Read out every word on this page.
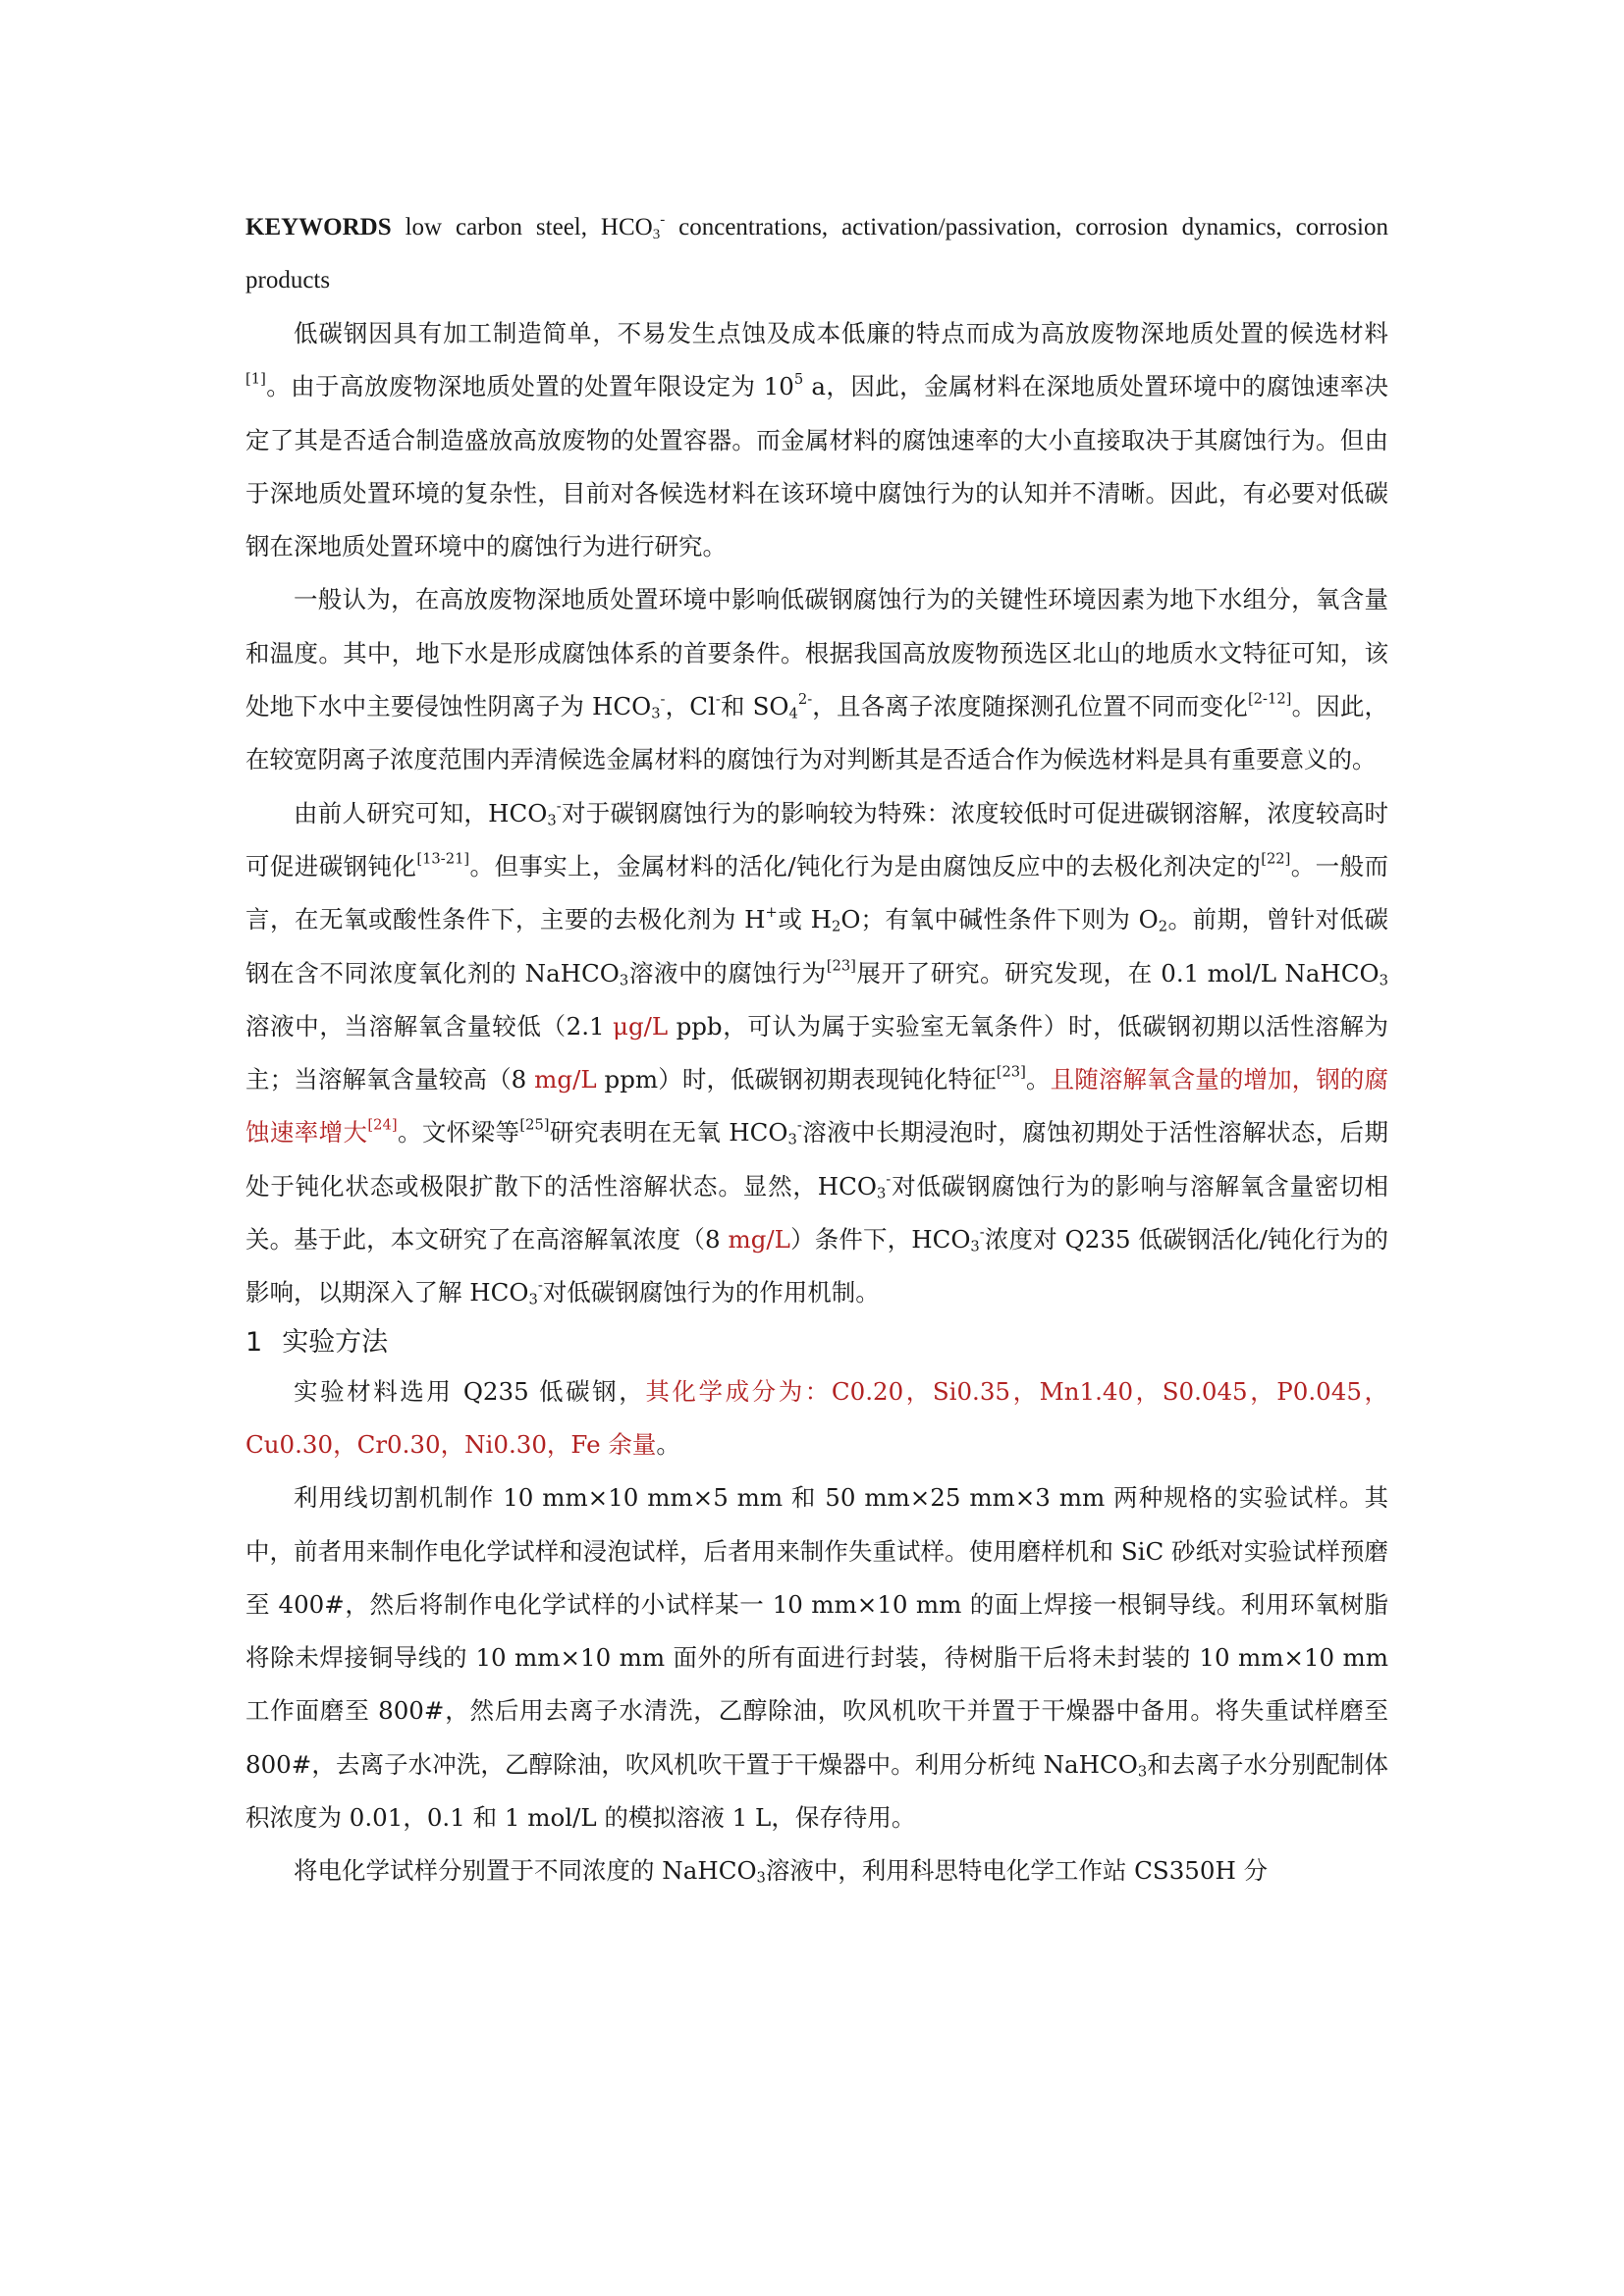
KEYWORDS low carbon steel, $HCO_3^-$ concentrations, activation/passivation, corrosion dynamics, corrosion products

低碳钢因具有加工制造简单，不易发生点蚀及成本低廉的特点而成为高放废物深地质处置的候选材料[1]。由于高放废物深地质处置的处置年限设定为 $10^5$ a，因此，金属材料在深地质处置环境中的腐蚀速率决定了其是否适合制造盛放高放废物的处置容器。而金属材料的腐蚀速率的大小直接取决于其腐蚀行为。但由于深地质处置环境的复杂性，目前对各候选材料在该环境中腐蚀行为的认知并不清晰。因此，有必要对低碳钢在深地质处置环境中的腐蚀行为进行研究。

一般认为，在高放废物深地质处置环境中影响低碳钢腐蚀行为的关键性环境因素为地下水组分，氧含量和温度。其中，地下水是形成腐蚀体系的首要条件。根据我国高放废物预选区北山的地质水文特征可知，该处地下水中主要侵蚀性阴离子为 $HCO_3^-$，Cl-和 $SO_4^{2-}$，且各离子浓度随探测孔位置不同而变化[2-12]。因此，在较宽阴离子浓度范围内弄清候选金属材料的腐蚀行为对判断其是否适合作为候选材料是具有重要意义的。

由前人研究可知，$HCO_3^-$对于碳钢腐蚀行为的影响较为特殊：浓度较低时可促进碳钢溶解，浓度较高时可促进碳钢钝化[13-21]。但事实上，金属材料的活化/钝化行为是由腐蚀反应中的去极化剂决定的[22]。一般而言，在无氧或酸性条件下，主要的去极化剂为 H+或 $H_2O$；有氧中碱性条件下则为 $O_2$。前期，曾针对低碳钢在含不同浓度氧化剂的 NaHCO$_3$溶液中的腐蚀行为[23]展开了研究。研究发现，在 0.1 mol/L NaHCO$_3$溶液中，当溶解氧含量较低（2.1 μg/L ppb，可认为属于实验室无氧条件）时，低碳钢初期以活性溶解为主；当溶解氧含量较高（8 mg/L ppm）时，低碳钢初期表现钝化特征[23]。且随溶解氧含量的增加，钢的腐蚀速率增大[24]。文怀梁等[25]研究表明在无氧 $HCO_3^-$溶液中长期浸泡时，腐蚀初期处于活性溶解状态，后期处于钝化状态或极限扩散下的活性溶解状态。显然，$HCO_3^-$对低碳钢腐蚀行为的影响与溶解氧含量密切相关。基于此，本文研究了在高溶解氧浓度（8 mg/L）条件下，$HCO_3^-$浓度对 Q235 低碳钢活化/钝化行为的影响，以期深入了解 $HCO_3^-$对低碳钢腐蚀行为的作用机制。

1 实验方法

实验材料选用 Q235 低碳钢，其化学成分为：C0.20，Si0.35，Mn1.40，S0.045，P0.045，Cu0.30，Cr0.30，Ni0.30，Fe 余量。

利用线切割机制作 10 mm×10 mm×5 mm 和 50 mm×25 mm×3 mm 两种规格的实验试样。其中，前者用来制作电化学试样和浸泡试样，后者用来制作失重试样。使用磨样机和 SiC 砂纸对实验试样预磨至 400#，然后将制作电化学试样的小试样某一 10 mm×10 mm 的面上焊接一根铜导线。利用环氧树脂将除未焊接铜导线的 10 mm×10 mm 面外的所有面进行封装，待树脂干后将未封装的 10 mm×10 mm 工作面磨至 800#，然后用去离子水清洗，乙醇除油，吹风机吹干并置于干燥器中备用。将失重试样磨至 800#，去离子水冲洗，乙醇除油，吹风机吹干置于干燥器中。利用分析纯 NaHCO$_3$和去离子水分别配制体积浓度为 0.01，0.1 和 1 mol/L 的模拟溶液 1 L，保存待用。

将电化学试样分别置于不同浓度的 NaHCO$_3$溶液中，利用科思特电化学工作站 CS350H 分
